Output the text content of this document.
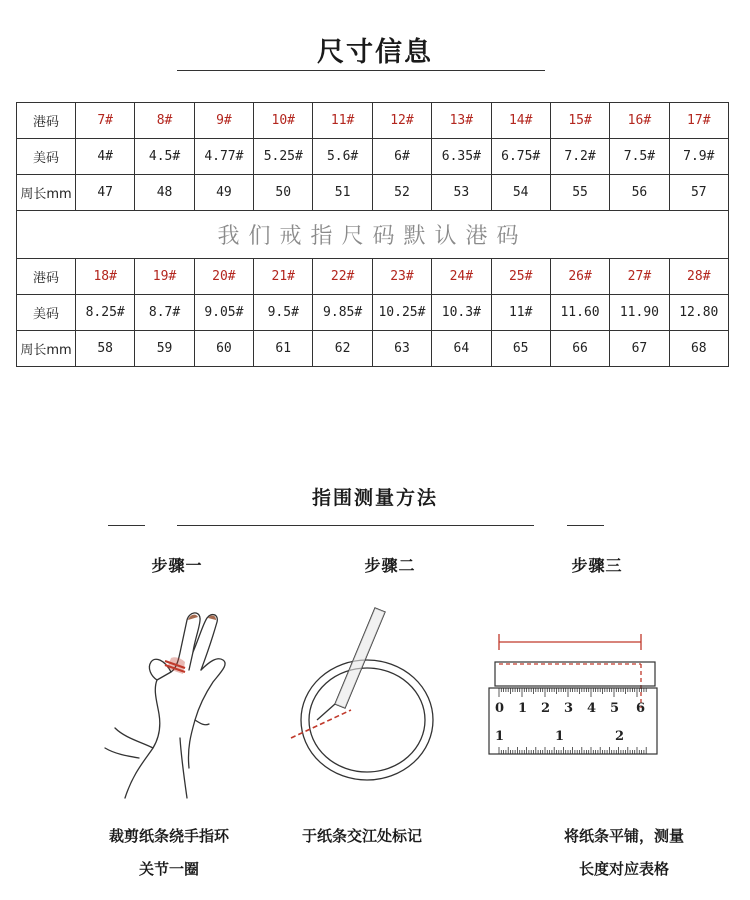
尺寸信息
港码	7#	8#	9#	10#	11#	12#	13#	14#	15#	16#	17#
美码	4#	4.5#	4.77#	5.25#	5.6#	6#	6.35#	6.75#	7.2#	7.5#	7.9#
周长mm	47	48	49	50	51	52	53	54	55	56	57
我们戒指尺码默认港码											
港码	18#	19#	20#	21#	22#	23#	24#	25#	26#	27#	28#
美码	8.25#	8.7#	9.05#	9.5#	9.85#	10.25#	10.3#	11#	11.60	11.90	12.80
周长mm	58	59	60	61	62	63	64	65	66	67	68
指围测量方法
步骤一	步骤二	步骤三
0 1 2 3 4 5 6
1	1	2
裁剪纸条绕手指环
关节一圈
于纸条交江处标记	将纸条平铺，测量
长度对应表格
